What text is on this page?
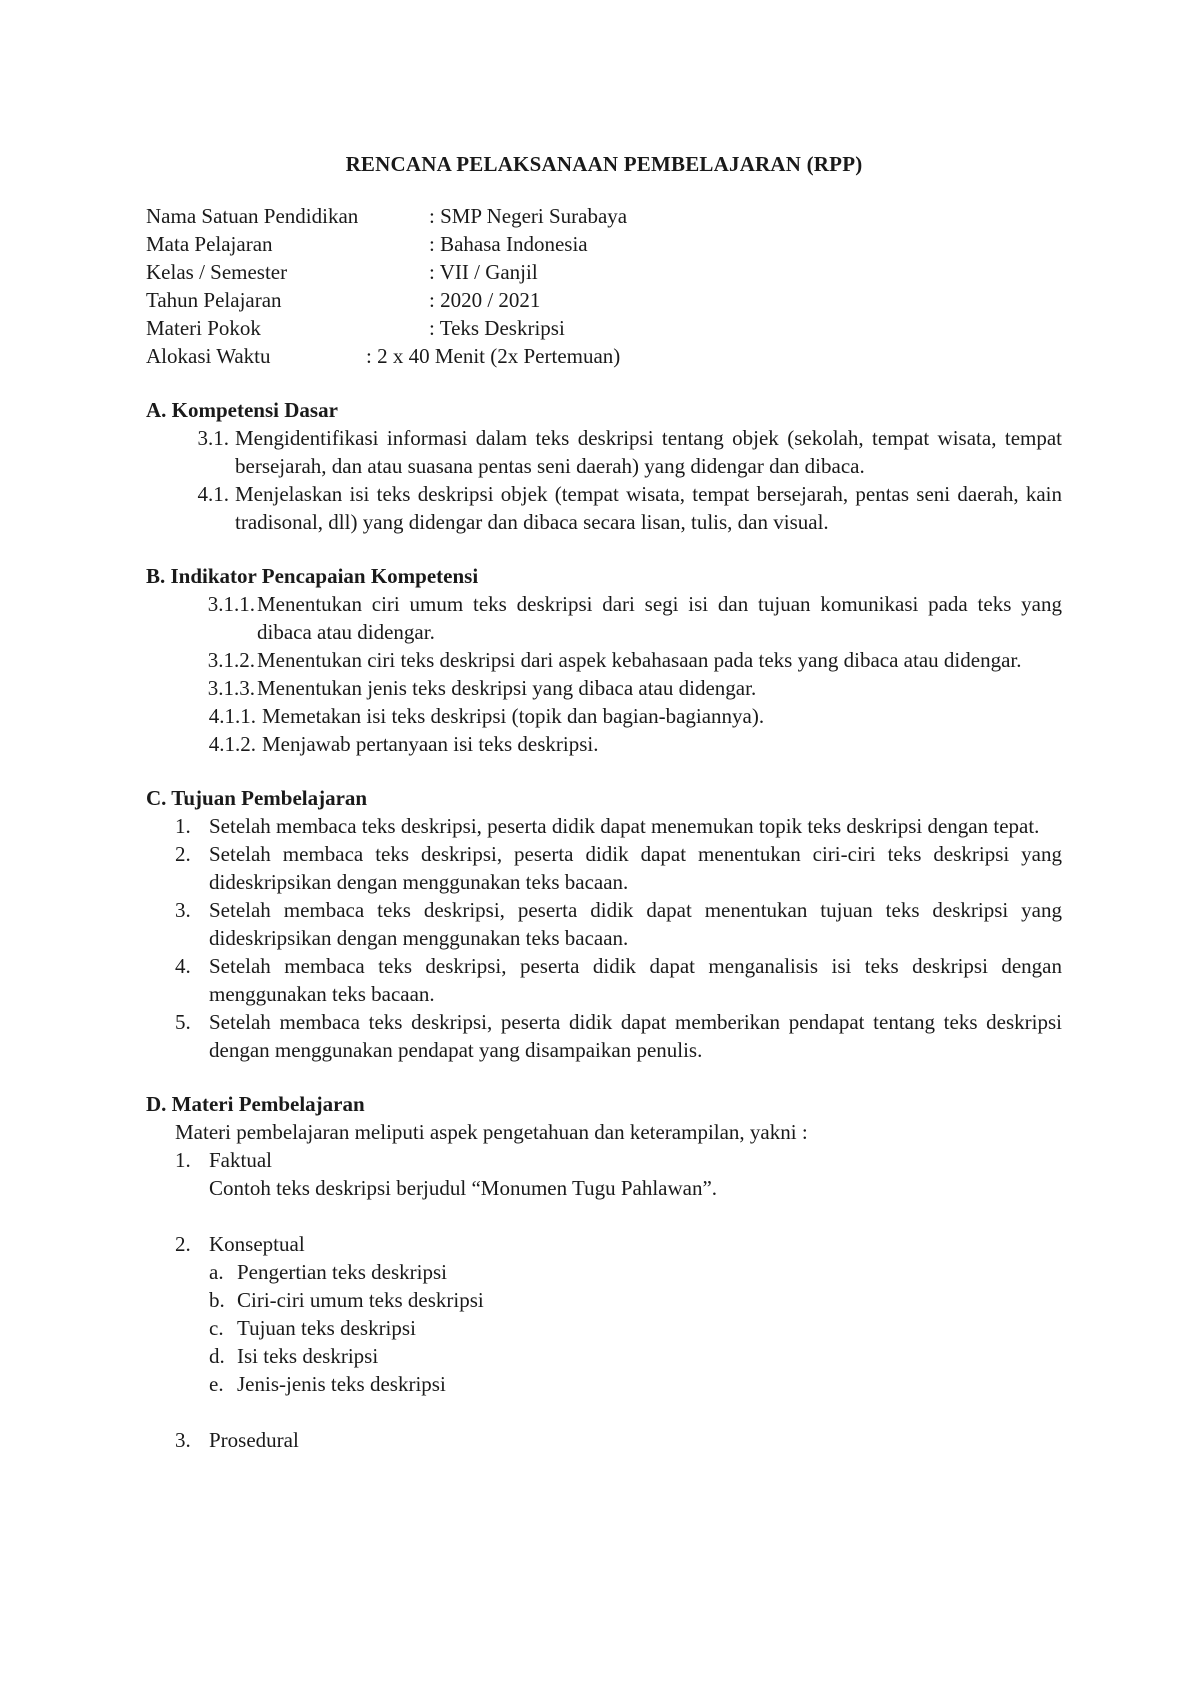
RENCANA PELAKSANAAN PEMBELAJARAN (RPP)
Nama Satuan Pendidikan	: SMP Negeri Surabaya
Mata Pelajaran	: Bahasa Indonesia
Kelas / Semester	: VII / Ganjil
Tahun Pelajaran	: 2020 / 2021
Materi Pokok	: Teks Deskripsi
Alokasi Waktu	: 2 x 40 Menit (2x Pertemuan)
A. Kompetensi Dasar
3.1. Mengidentifikasi informasi dalam teks deskripsi tentang objek (sekolah, tempat wisata, tempat bersejarah, dan atau suasana pentas seni daerah) yang didengar dan dibaca.
4.1. Menjelaskan isi teks deskripsi objek (tempat wisata, tempat bersejarah, pentas seni daerah, kain tradisonal, dll) yang didengar dan dibaca secara lisan, tulis, dan visual.
B. Indikator Pencapaian Kompetensi
3.1.1. Menentukan ciri umum teks deskripsi dari segi isi dan tujuan komunikasi pada teks yang dibaca atau didengar.
3.1.2. Menentukan ciri teks deskripsi dari aspek kebahasaan pada teks yang dibaca atau didengar.
3.1.3. Menentukan jenis teks deskripsi yang dibaca atau didengar.
4.1.1. Memetakan isi teks deskripsi (topik dan bagian-bagiannya).
4.1.2. Menjawab pertanyaan isi teks deskripsi.
C. Tujuan Pembelajaran
1. Setelah membaca teks deskripsi, peserta didik dapat menemukan topik teks deskripsi dengan tepat.
2. Setelah membaca teks deskripsi, peserta didik dapat menentukan ciri-ciri teks deskripsi yang dideskripsikan dengan menggunakan teks bacaan.
3. Setelah membaca teks deskripsi, peserta didik dapat menentukan tujuan teks deskripsi yang dideskripsikan dengan menggunakan teks bacaan.
4. Setelah membaca teks deskripsi, peserta didik dapat menganalisis isi teks deskripsi dengan menggunakan teks bacaan.
5. Setelah membaca teks deskripsi, peserta didik dapat memberikan pendapat tentang teks deskripsi dengan menggunakan pendapat yang disampaikan penulis.
D. Materi Pembelajaran
Materi pembelajaran meliputi aspek pengetahuan dan keterampilan, yakni :
1. Faktual
Contoh teks deskripsi berjudul “Monumen Tugu Pahlawan”.
2. Konseptual
a. Pengertian teks deskripsi
b. Ciri-ciri umum teks deskripsi
c. Tujuan teks deskripsi
d. Isi teks deskripsi
e. Jenis-jenis teks deskripsi
3. Prosedural
